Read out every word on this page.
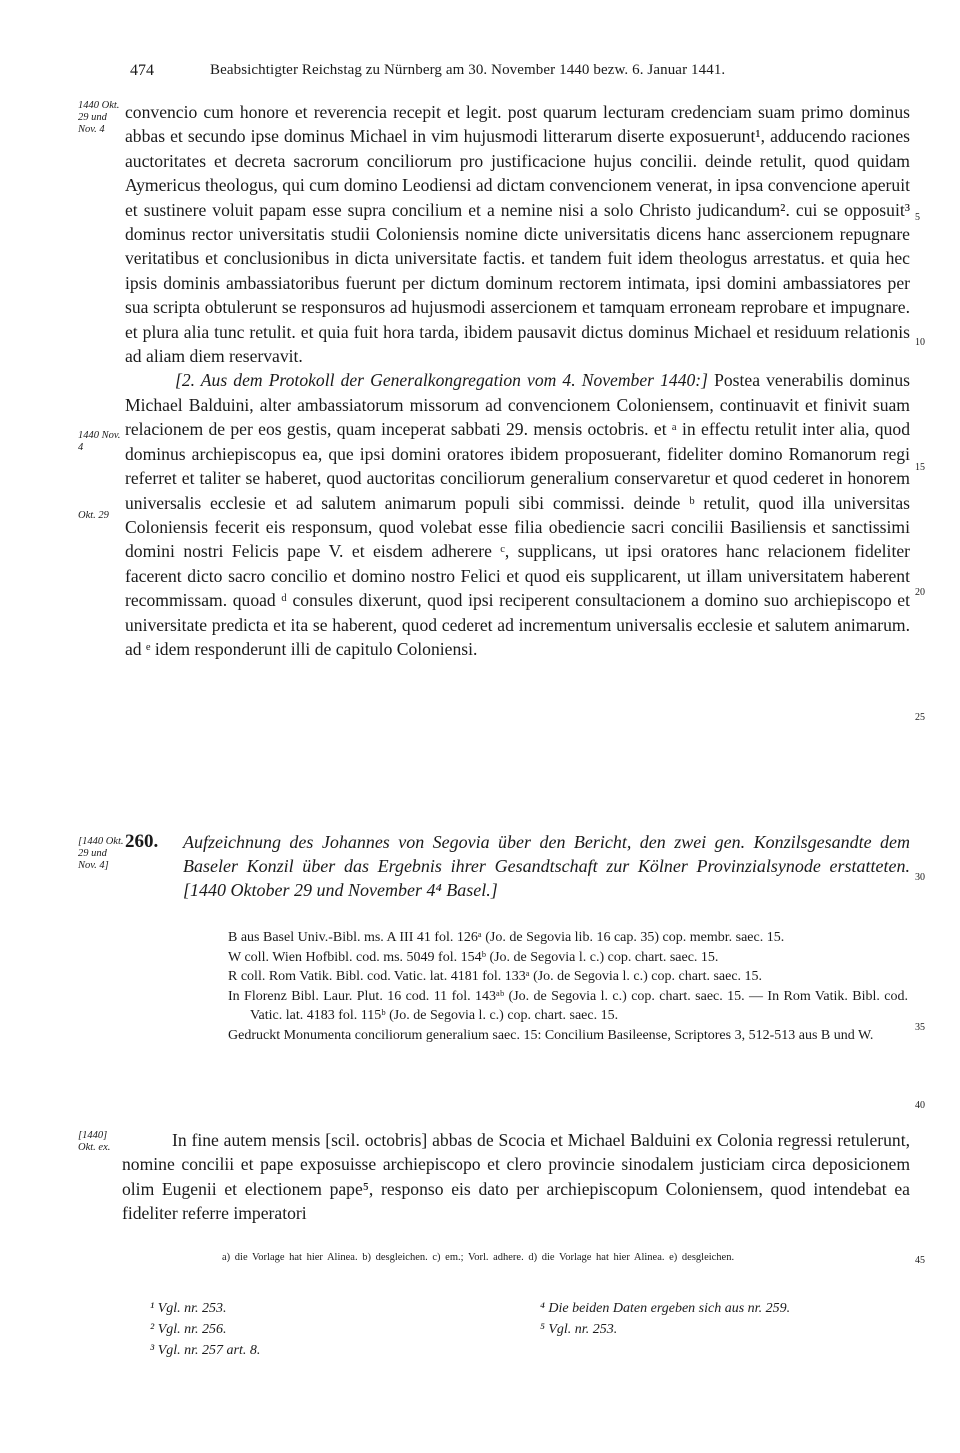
474	Beabsichtigter Reichstag zu Nürnberg am 30. November 1440 bezw. 6. Januar 1441.
1440 Okt. 29 und Nov. 4
1440 Nov. 4
Okt. 29
[1440 Okt. 29 und Nov. 4]
[1440] Okt. ex.
5
10
15
20
25
30
35
40
45

convencio cum honore et reverencia recepit et legit. post quarum lecturam credenciam suam primo dominus abbas et secundo ipse dominus Michael in vim hujusmodi litterarum diserte exposuerunt¹, adducendo raciones auctoritates et decreta sacrorum conciliorum pro justificacione hujus concilii. deinde retulit, quod quidam Aymericus theologus, qui cum domino Leodiensi ad dictam convencionem venerat, in ipsa convencione aperuit et sustinere voluit papam esse supra concilium et a nemine nisi a solo Christo judicandum². cui se opposuit³ dominus rector universitatis studii Coloniensis nomine dicte universitatis dicens hanc assercionem repugnare veritatibus et conclusionibus in dicta universitate factis. et tandem fuit idem theologus arrestatus. et quia hec ipsis dominis ambassiatoribus fuerunt per dictum dominum rectorem intimata, ipsi domini ambassiatores per sua scripta obtulerunt se responsuros ad hujusmodi assercionem et tamquam erroneam reprobare et impugnare. et plura alia tunc retulit. et quia fuit hora tarda, ibidem pausavit dictus dominus Michael et residuum relationis ad aliam diem reservavit.

[2. Aus dem Protokoll der Generalkongregation vom 4. November 1440:] Postea venerabilis dominus Michael Balduini, alter ambassiatorum missorum ad convencionem Coloniensem, continuavit et finivit suam relacionem de per eos gestis, quam inceperat sabbati 29. mensis octobris. et ᵃ in effectu retulit inter alia, quod dominus archiepiscopus ea, que ipsi domini oratores ibidem proposuerant, fideliter domino Romanorum regi referret et taliter se haberet, quod auctoritas conciliorum generalium conservaretur et quod cederet in honorem universalis ecclesie et ad salutem animarum populi sibi commissi. deinde ᵇ retulit, quod illa universitas Coloniensis fecerit eis responsum, quod volebat esse filia obediencie sacri concilii Basiliensis et sanctissimi domini nostri Felicis pape V. et eisdem adherere ᶜ, supplicans, ut ipsi oratores hanc relacionem fideliter facerent dicto sacro concilio et domino nostro Felici et quod eis supplicarent, ut illam universitatem haberent recommissam. quoad ᵈ consules dixerunt, quod ipsi reciperent consultacionem a domino suo archiepiscopo et universitate predicta et ita se haberent, quod cederet ad incrementum universalis ecclesie et salutem animarum. ad ᵉ idem responderunt illi de capitulo Coloniensi.

260. Aufzeichnung des Johannes von Segovia über den Bericht, den zwei gen. Konzilsgesandte dem Baseler Konzil über das Ergebnis ihrer Gesandtschaft zur Kölner Provinzialsynode erstatteten. [1440 Oktober 29 und November 4⁴ Basel.]
B aus Basel Univ.-Bibl. ms. A III 41 fol. 126ᵃ (Jo. de Segovia lib. 16 cap. 35) cop. membr. saec. 15.
W coll. Wien Hofbibl. cod. ms. 5049 fol. 154ᵇ (Jo. de Segovia l. c.) cop. chart. saec. 15.
R coll. Rom Vatik. Bibl. cod. Vatic. lat. 4181 fol. 133ᵃ (Jo. de Segovia l. c.) cop. chart. saec. 15.
In Florenz Bibl. Laur. Plut. 16 cod. 11 fol. 143ᵃᵇ (Jo. de Segovia l. c.) cop. chart. saec. 15. — In Rom Vatik. Bibl. cod. Vatic. lat. 4183 fol. 115ᵇ (Jo. de Segovia l. c.) cop. chart. saec. 15.
Gedruckt Monumenta conciliorum generalium saec. 15: Concilium Basileense, Scriptores 3, 512-513 aus B und W.

In fine autem mensis [scil. octobris] abbas de Scocia et Michael Balduini ex Colonia regressi retulerunt, nomine concilii et pape exposuisse archiepiscopo et clero provincie sinodalem justiciam circa deposicionem olim Eugenii et electionem pape⁵, responso eis dato per archiepiscopum Coloniensem, quod intendebat ea fideliter referre imperatori

a) die Vorlage hat hier Alinea. b) desgleichen. c) em.; Vorl. adhere. d) die Vorlage hat hier Alinea. e) desgleichen.
¹ Vgl. nr. 253.
² Vgl. nr. 256.
³ Vgl. nr. 257 art. 8.
⁴ Die beiden Daten ergeben sich aus nr. 259.
⁵ Vgl. nr. 253.
